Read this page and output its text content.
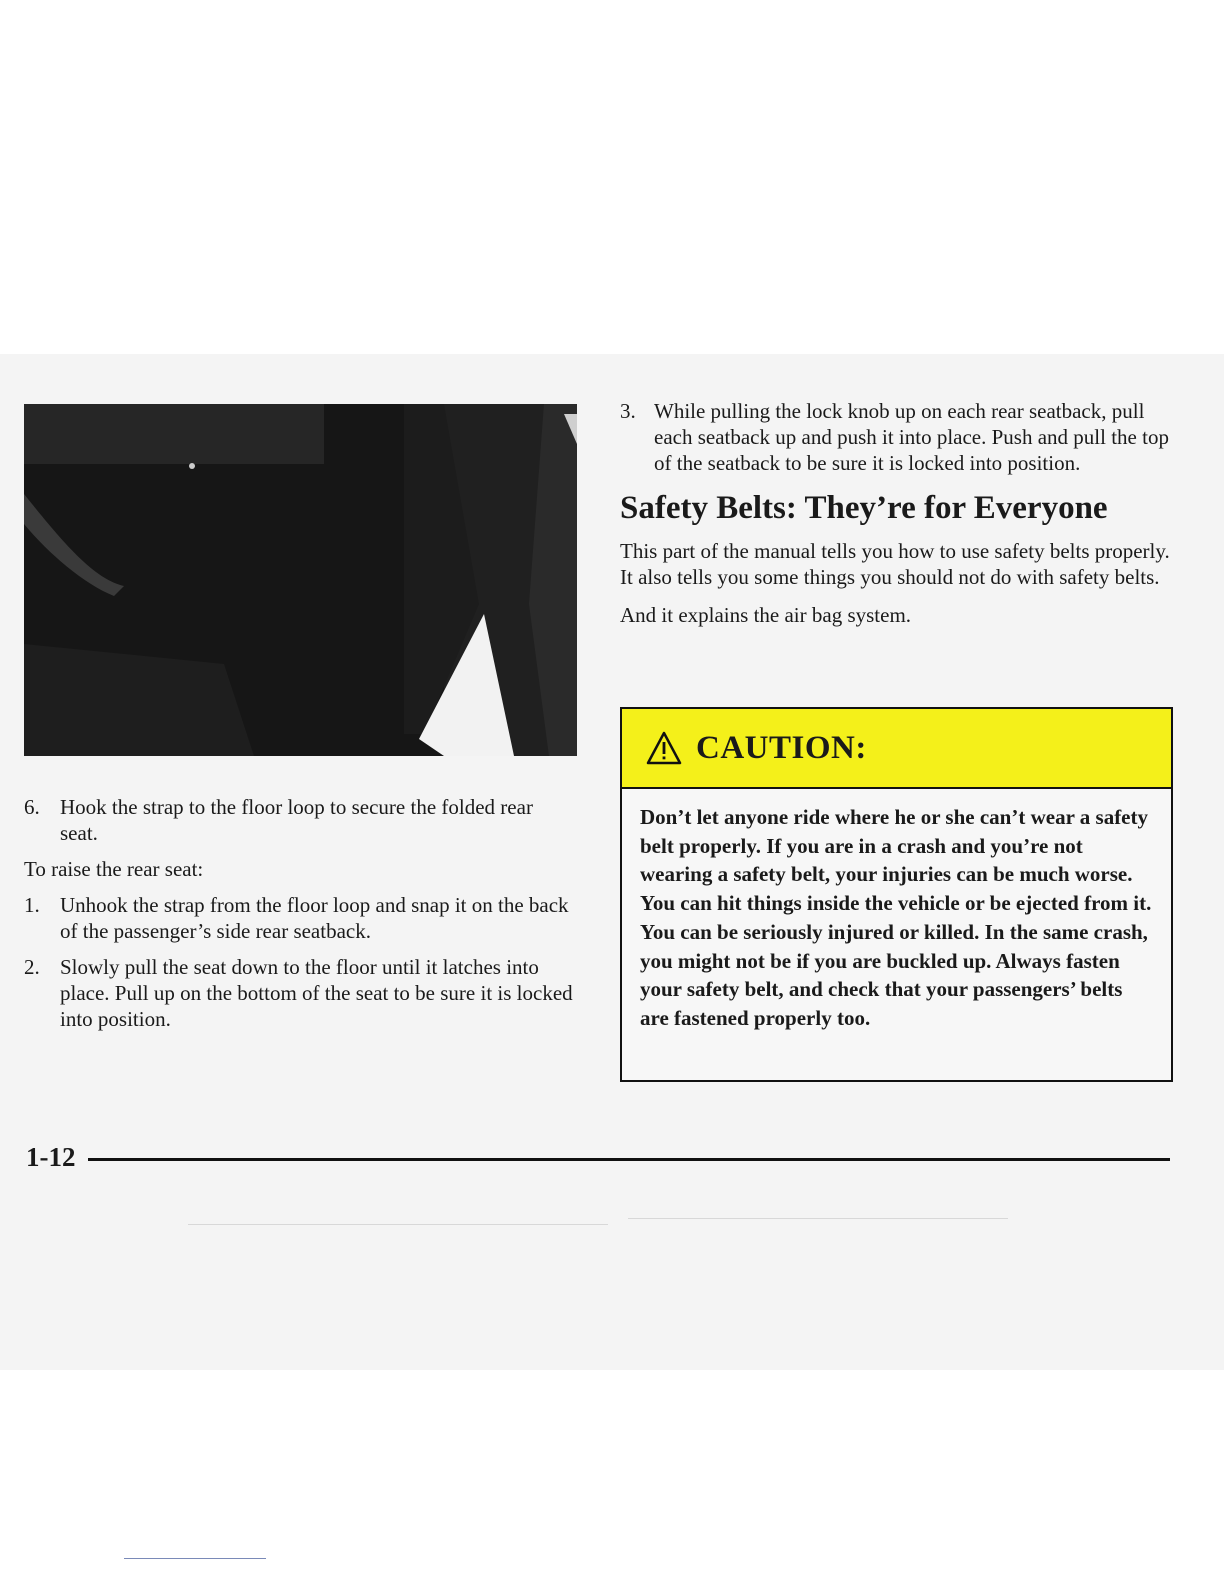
6. Hook the strap to the floor loop to secure the folded rear seat.

To raise the rear seat:

1. Unhook the strap from the floor loop and snap it on the back of the passenger’s side rear seatback.
2. Slowly pull the seat down to the floor until it latches into place. Pull up on the bottom of the seat to be sure it is locked into position.
3. While pulling the lock knob up on each rear seatback, pull each seatback up and push it into place. Push and pull the top of the seatback to be sure it is locked into position.
Safety Belts: They’re for Everyone

This part of the manual tells you how to use safety belts properly. It also tells you some things you should not do with safety belts.

And it explains the air bag system.

CAUTION:
Don’t let anyone ride where he or she can’t wear a safety belt properly. If you are in a crash and you’re not wearing a safety belt, your injuries can be much worse. You can hit things inside the vehicle or be ejected from it. You can be seriously injured or killed. In the same crash, you might not be if you are buckled up. Always fasten your safety belt, and check that your passengers’ belts are fastened properly too.
1-12
